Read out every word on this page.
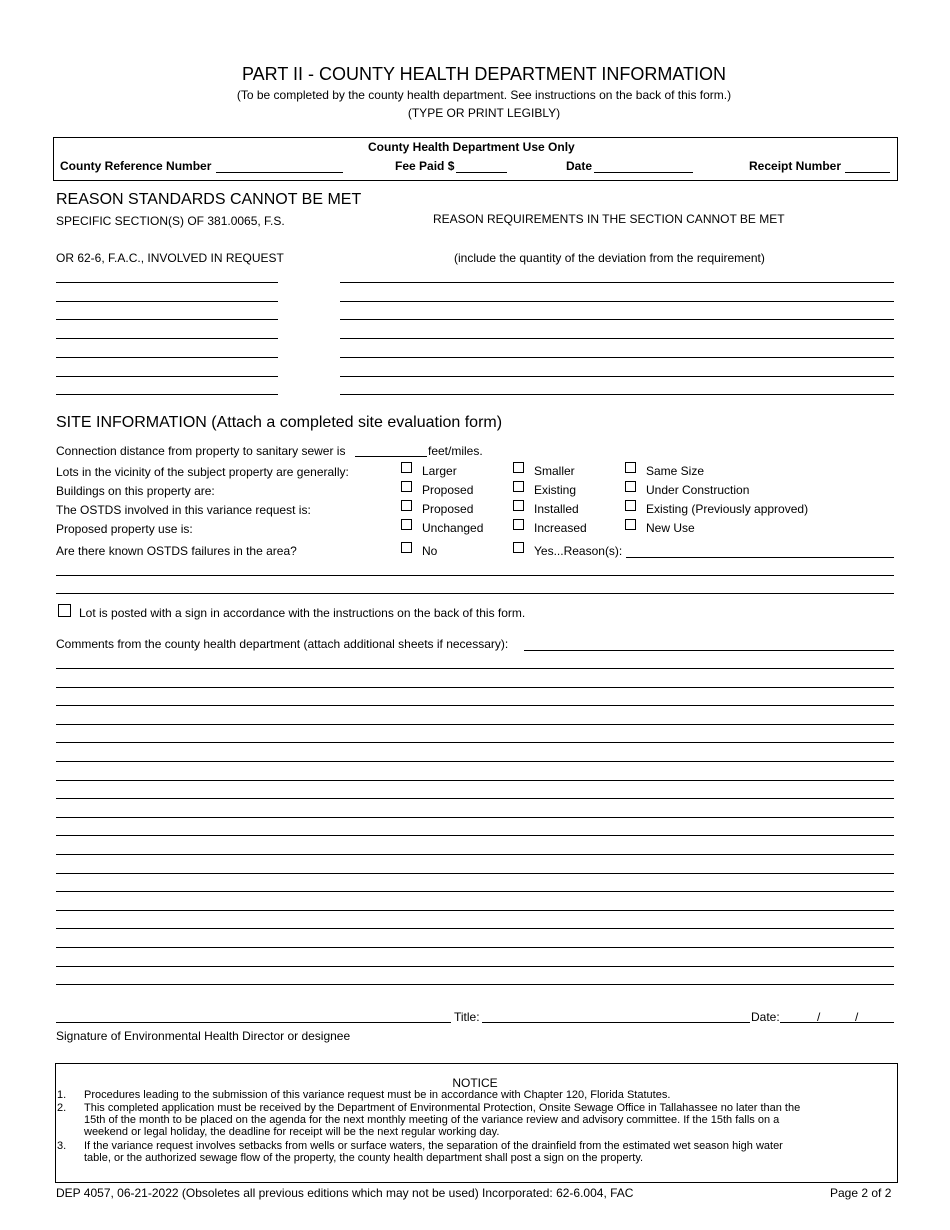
PART II - COUNTY HEALTH DEPARTMENT INFORMATION
(To be completed by the county health department. See instructions on the back of this form.)
(TYPE OR PRINT LEGIBLY)
County Health Department Use Only
County Reference Number	Fee Paid $	Date	Receipt Number
REASON STANDARDS CANNOT BE MET
SPECIFIC SECTION(S) OF 381.0065, F.S.
OR 62-6, F.A.C., INVOLVED IN REQUEST
REASON REQUIREMENTS IN THE SECTION CANNOT BE MET
(include the quantity of the deviation from the requirement)
SITE INFORMATION (Attach a completed site evaluation form)
Connection distance from property to sanitary sewer is	feet/miles.
Lots in the vicinity of the subject property are generally:	Larger	Smaller	Same Size
Buildings on this property are:	Proposed	Existing	Under Construction
The OSTDS involved in this variance request is:	Proposed	Installed	Existing (Previously approved)
Proposed property use is:	Unchanged	Increased	New Use
Are there known OSTDS failures in the area?	No	Yes...Reason(s):
Lot is posted with a sign in accordance with the instructions on the back of this form.
Comments from the county health department (attach additional sheets if necessary):
Title:	Date:	/	/
Signature of Environmental Health Director or designee
NOTICE
1. Procedures leading to the submission of this variance request must be in accordance with Chapter 120, Florida Statutes.
2. This completed application must be received by the Department of Environmental Protection, Onsite Sewage Office in Tallahassee no later than the
15th of the month to be placed on the agenda for the next monthly meeting of the variance review and advisory committee. If the 15th falls on a
weekend or legal holiday, the deadline for receipt will be the next regular working day.
3. If the variance request involves setbacks from wells or surface waters, the separation of the drainfield from the estimated wet season high water
table, or the authorized sewage flow of the property, the county health department shall post a sign on the property.
DEP 4057, 06-21-2022 (Obsoletes all previous editions which may not be used) Incorporated: 62-6.004, FAC	Page 2 of 2
